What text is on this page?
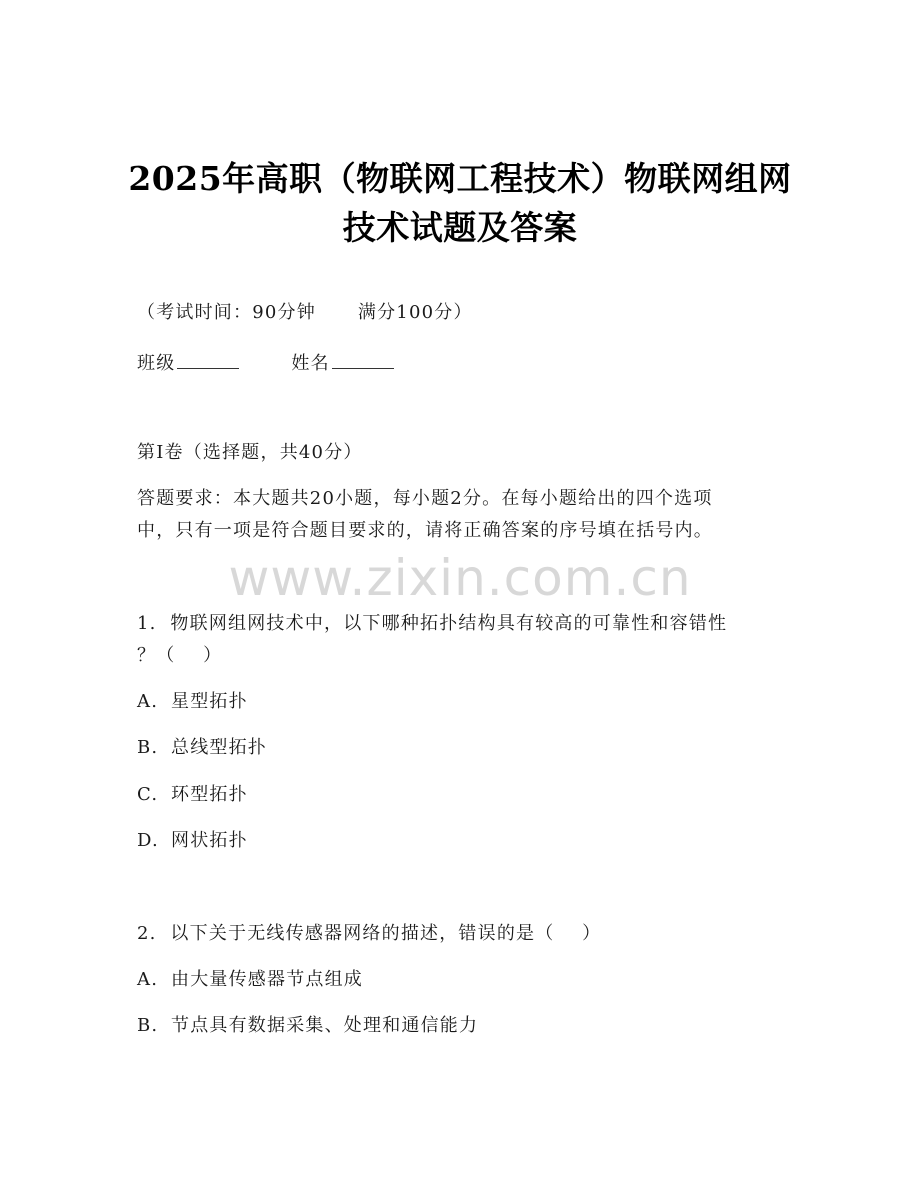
2025年高职（物联网工程技术）物联网组网
技术试题及答案
（考试时间：90分钟 满分100分）
班级	姓名
第I卷（选择题，共40分）
答题要求：本大题共20小题，每小题2分。在每小题给出的四个选项
中，只有一项是符合题目要求的，请将正确答案的序号填在括号内。
www.zixin.com.cn
1.  物联网组网技术中，以下哪种拓扑结构具有较高的可靠性和容错性
？（    ）
A. 星型拓扑
B. 总线型拓扑
C. 环型拓扑
D. 网状拓扑
2.  以下关于无线传感器网络的描述，错误的是（    ）
A. 由大量传感器节点组成
B. 节点具有数据采集、处理和通信能力
